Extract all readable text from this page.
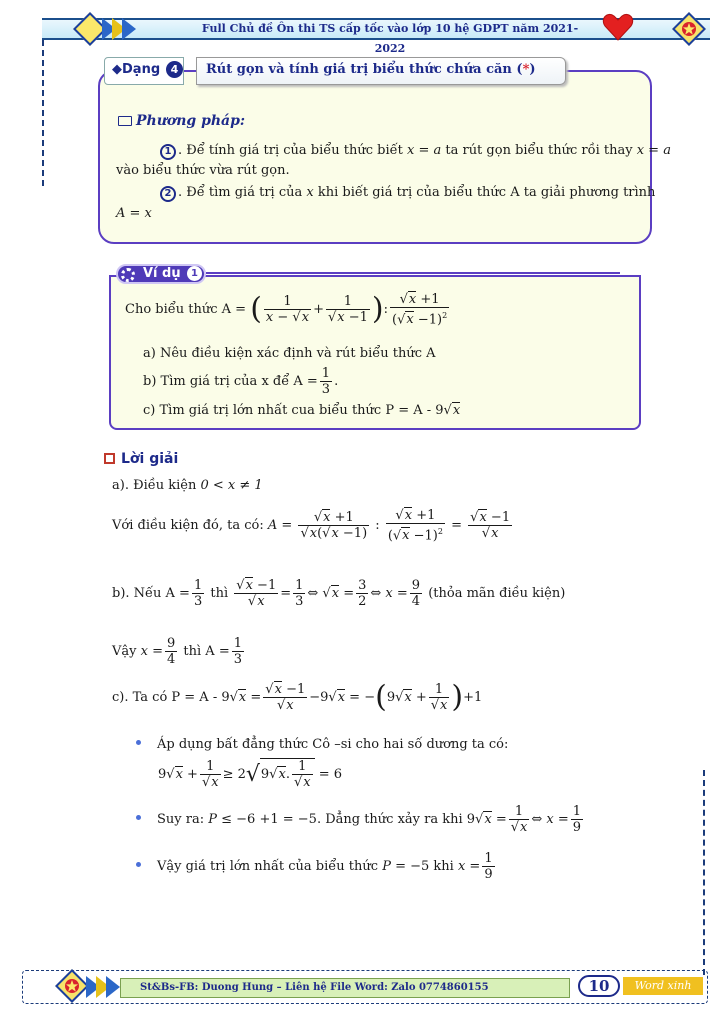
Full Chủ đề Ôn thi TS cấp tốc vào lớp 10 hệ GDPT năm 2021-2022
◆Dạng 4	Rút gọn và tính giá trị biểu thức chứa căn (*)
Phương pháp:
1 . Để tính giá trị của biểu thức biết x = a ta rút gọn biểu thức rồi thay x = a
vào biểu thức vừa rút gọn.
2 . Để tìm giá trị của x khi biết giá trị của biểu thức A ta giải phương trình
A = x
Ví dụ	1
Cho biểu thức A = ( $\frac{1}{x - √x} + \frac{1}{√x -1}$ ): $\frac{√x +1}{(√x -1)^2}$
a) Nêu điều kiện xác định và rút biểu thức A
b) Tìm giá trị của x để $A = \frac{1}{3}$ .
c) Tìm giá trị lớn nhất cua biểu thức P = A - 9√x
Lời giải
a). Điều kiện 0 < x ≠ 1
Với điều kiện đó, ta có: $A = \frac{√x +1}{√x(√x -1)}$ : $\frac{√x +1}{(√x -1)^2} = \frac{√x -1}{√x}$
b). Nếu $A = \frac{1}{3}$ thì $\frac{√x -1}{√x} = \frac{1}{3}$ ⇔ $√x = \frac{3}{2}$ ⇔ $x = \frac{9}{4}$ (thỏa mãn điều kiện)
Vậy $x = \frac{9}{4}$ thì $A = \frac{1}{3}$
c). Ta có $P = A - 9√x = \frac{√x -1}{√x} -9√x = -(9√x + \frac{1}{√x} )+1$
Áp dụng bất đẳng thức Cô –si cho hai số dương ta có:
$9√x + \frac{1}{√x} \ge 2√9√x$. $\frac{1}{√x} = 6$
Suy ra: P ≤ −6 +1 = −5. Dẳng thức xảy ra khi $9√x = \frac{1}{√x}$ ⇔ $x = \frac{1}{9}$
Vậy giá trị lớn nhất của biểu thức P = −5 khi $x = \frac{1}{9}$
St&Bs-FB: Duong Hung – Liên hệ File Word: Zalo 0774860155	10	Word xinh
